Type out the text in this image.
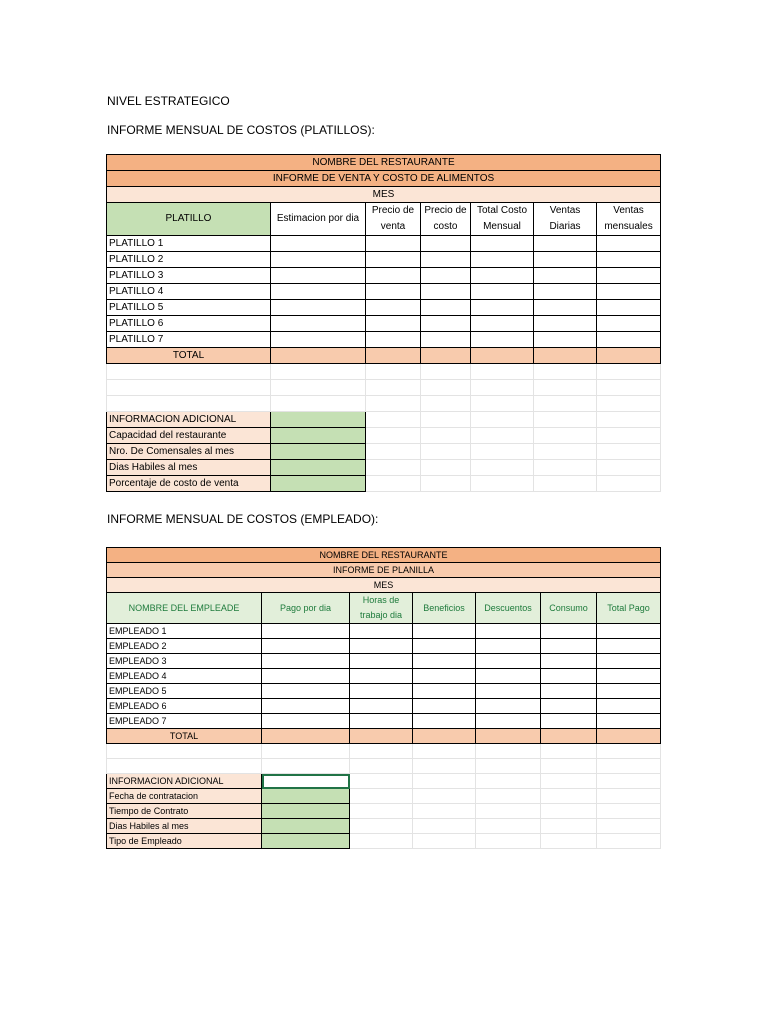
NIVEL ESTRATEGICO

INFORME MENSUAL DE COSTOS (PLATILLOS):

NOMBRE DEL RESTAURANTE						
INFORME DE VENTA Y COSTO DE ALIMENTOS						
MES						
PLATILLO	Estimacion por dia	Precio de venta	Precio de costo	Total Costo Mensual	Ventas Diarias	Ventas mensuales
PLATILLO 1						
PLATILLO 2						
PLATILLO 3						
PLATILLO 4						
PLATILLO 5						
PLATILLO 6						
PLATILLO 7						
TOTAL						

INFORMACION ADICIONAL						
Capacidad del restaurante						
Nro. De Comensales al mes						
Dias Habiles al mes						
Porcentaje de costo de venta						

INFORME MENSUAL DE COSTOS (EMPLEADO):

NOMBRE DEL RESTAURANTE						
INFORME DE PLANILLA						
MES						
NOMBRE DEL EMPLEADE	Pago por dia	Horas de trabajo dia	Beneficios	Descuentos	Consumo	Total Pago
EMPLEADO 1						
EMPLEADO 2						
EMPLEADO 3						
EMPLEADO 4						
EMPLEADO 5						
EMPLEADO 6						
EMPLEADO 7						
TOTAL						

INFORMACION ADICIONAL						
Fecha de contratacion						
Tiempo de Contrato						
Dias Habiles al mes						
Tipo de Empleado						
